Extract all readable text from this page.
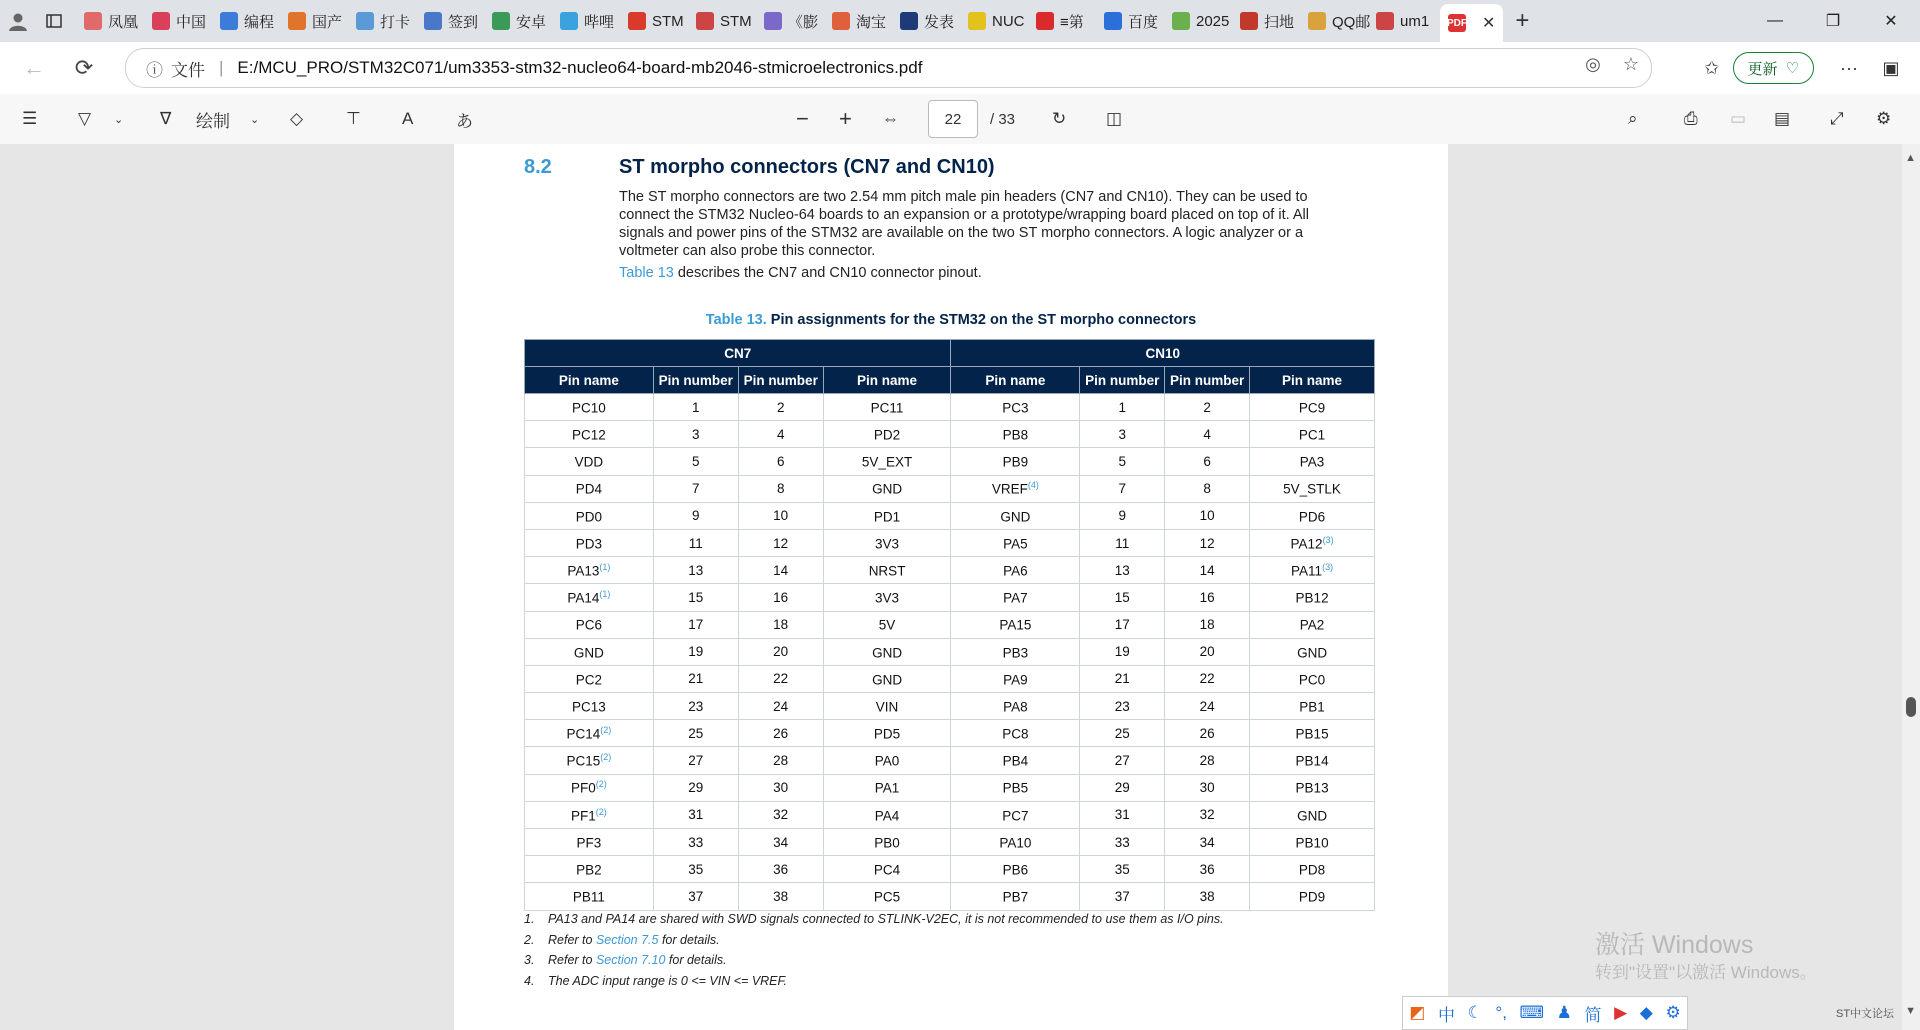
凤凰	中国	编程	国产	打卡	签到	安卓	哔哩	STM STM 《膨	淘宝	发表	NUC ≡第	百度	2025 扫地	QQ邮 um1 PDF ✕ +	—	❐	✕
←	⟳	ⓘ 文件 | E:/MCU_PRO/STM32C071/um3353-stm32-nucleo64-board-mb2046-stmicroelectronics.pdf	◎ ☆	✩	更新 ♡	···	▣
☰ ▽ ⌄ ∇ 绘制 ⌄ ◇	⊤ A	あ	− + ⇔	22	/ 33 ↻ ◫	⌕	⎙ ▭ ▤ ⤢ ⚙
8.2	ST morpho connectors (CN7 and CN10)
The ST morpho connectors are two 2.54 mm pitch male pin headers (CN7 and CN10). They can be used to connect the STM32 Nucleo-64 boards to an expansion or a prototype/wrapping board placed on top of it. All signals and power pins of the STM32 are available on the two ST morpho connectors. A logic analyzer or a voltmeter can also probe this connector.
Table 13 describes the CN7 and CN10 connector pinout.
Table 13. Pin assignments for the STM32 on the ST morpho connectors
CN7				CN10			
Pin name	Pin number	Pin number	Pin name	Pin name	Pin number	Pin number	Pin name
PC10	1	2	PC11	PC3	1	2	PC9
PC12	3	4	PD2	PB8	3	4	PC1
VDD	5	6	5V_EXT	PB9	5	6	PA3
PD4	7	8	GND	VREF$^{(4)}$	7	8	5V_STLK
PD0	9	10	PD1	GND	9	10	PD6
PD3	11	12	3V3	PA5	11	12	PA12$^{(3)}$
PA13$^{(1)}$	13	14	NRST	PA6	13	14	PA11$^{(3)}$
PA14$^{(1)}$	15	16	3V3	PA7	15	16	PB12
PC6	17	18	5V	PA15	17	18	PA2
GND	19	20	GND	PB3	19	20	GND
PC2	21	22	GND	PA9	21	22	PC0
PC13	23	24	VIN	PA8	23	24	PB1
PC14$^{(2)}$	25	26	PD5	PC8	25	26	PB15
PC15$^{(2)}$	27	28	PA0	PB4	27	28	PB14
PF0$^{(2)}$	29	30	PA1	PB5	29	30	PB13
PF1$^{(2)}$	31	32	PA4	PC7	31	32	GND
PF3	33	34	PB0	PA10	33	34	PB10
PB2	35	36	PC4	PB6	35	36	PD8
PB11	37	38	PC5	PB7	37	38	PD9
1.	PA13 and PA14 are shared with SWD signals connected to STLINK-V2EC, it is not recommended to use them as I/O pins.
2.	Refer to Section 7.5 for details.
3.	Refer to Section 7.10 for details.
4.	The ADC input range is 0 <= VIN <= VREF.
▲
▼
激活 Windows
转到"设置"以激活 Windows。
◩ 中 ☾ °, ⌨ ♟ 简 ▶ ◆ ⚙	ST中文论坛
